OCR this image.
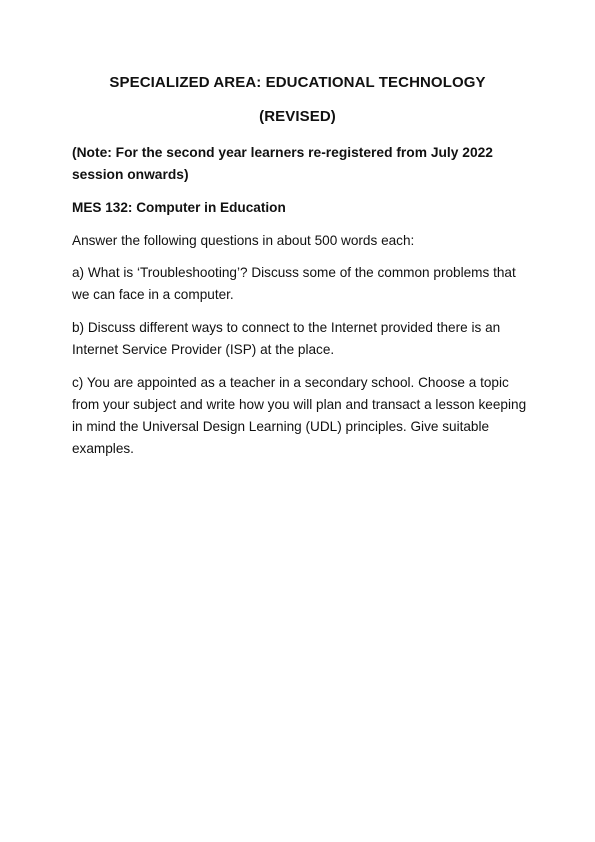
SPECIALIZED AREA: EDUCATIONAL TECHNOLOGY
(REVISED)
(Note: For the second year learners re-registered from July 2022 session onwards)
MES 132: Computer in Education
Answer the following questions in about 500 words each:
a) What is ‘Troubleshooting’? Discuss some of the common problems that we can face in a computer.
b) Discuss different ways to connect to the Internet provided there is an Internet Service Provider (ISP) at the place.
c) You are appointed as a teacher in a secondary school. Choose a topic from your subject and write how you will plan and transact a lesson keeping in mind the Universal Design Learning (UDL) principles. Give suitable examples.
